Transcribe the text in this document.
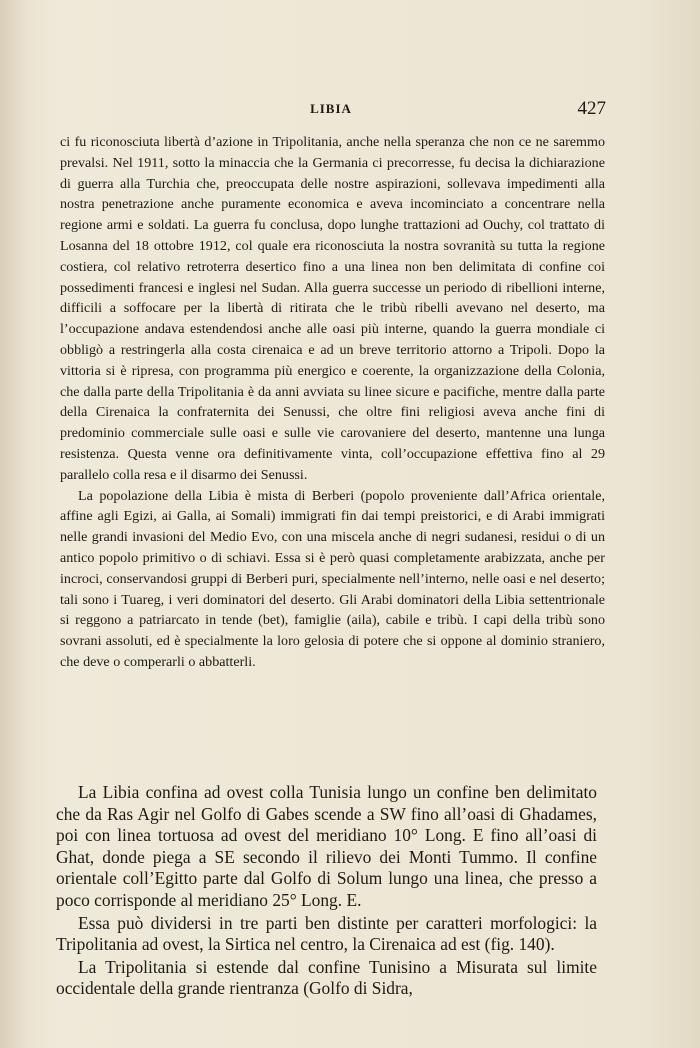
LIBIA	427

ci fu riconosciuta libertà d’azione in Tripolitania, anche nella speranza che non ce ne saremmo prevalsi. Nel 1911, sotto la minaccia che la Germania ci precorresse, fu decisa la dichiarazione di guerra alla Turchia che, preoccupata delle nostre aspirazioni, sollevava impedimenti alla nostra penetrazione anche puramente economica e aveva incominciato a concentrare nella regione armi e soldati. La guerra fu conclusa, dopo lunghe trattazioni ad Ouchy, col trattato di Losanna del 18 ottobre 1912, col quale era riconosciuta la nostra sovranità su tutta la regione costiera, col relativo retroterra desertico fino a una linea non ben delimitata di confine coi possedimenti francesi e inglesi nel Sudan. Alla guerra successe un periodo di ribellioni interne, difficili a soffocare per la libertà di ritirata che le tribù ribelli avevano nel deserto, ma l’occupazione andava estendendosi anche alle oasi più interne, quando la guerra mondiale ci obbligò a restringerla alla costa cirenaica e ad un breve territorio attorno a Tripoli. Dopo la vittoria si è ripresa, con programma più energico e coerente, la organizzazione della Colonia, che dalla parte della Tripolitania è da anni avviata su linee sicure e pacifiche, mentre dalla parte della Cirenaica la confraternita dei Senussi, che oltre fini religiosi aveva anche fini di predominio commerciale sulle oasi e sulle vie carovaniere del deserto, mantenne una lunga resistenza. Questa venne ora definitivamente vinta, coll’occupazione effettiva fino al 29 parallelo colla resa e il disarmo dei Senussi.

La popolazione della Libia è mista di Berberi (popolo proveniente dall’Africa orientale, affine agli Egizi, ai Galla, ai Somali) immigrati fin dai tempi preistorici, e di Arabi immigrati nelle grandi invasioni del Medio Evo, con una miscela anche di negri sudanesi, residui o di un antico popolo primitivo o di schiavi. Essa si è però quasi completamente arabizzata, anche per incroci, conservandosi gruppi di Berberi puri, specialmente nell’interno, nelle oasi e nel deserto; tali sono i Tuareg, i veri dominatori del deserto. Gli Arabi dominatori della Libia settentrionale si reggono a patriarcato in tende (bet), famiglie (aila), cabile e tribù. I capi della tribù sono sovrani assoluti, ed è specialmente la loro gelosia di potere che si oppone al dominio straniero, che deve o comperarli o abbatterli.

La Libia confina ad ovest colla Tunisia lungo un confine ben delimitato che da Ras Agir nel Golfo di Gabes scende a SW fino all’oasi di Ghadames, poi con linea tortuosa ad ovest del meridiano 10° Long. E fino all’oasi di Ghat, donde piega a SE secondo il rilievo dei Monti Tummo. Il confine orientale coll’Egitto parte dal Golfo di Solum lungo una linea, che presso a poco corrisponde al meridiano 25° Long. E.

Essa può dividersi in tre parti ben distinte per caratteri morfologici: la Tripolitania ad ovest, la Sirtica nel centro, la Cirenaica ad est (fig. 140).

La Tripolitania si estende dal confine Tunisino a Misurata sul limite occidentale della grande rientranza (Golfo di Sidra,
